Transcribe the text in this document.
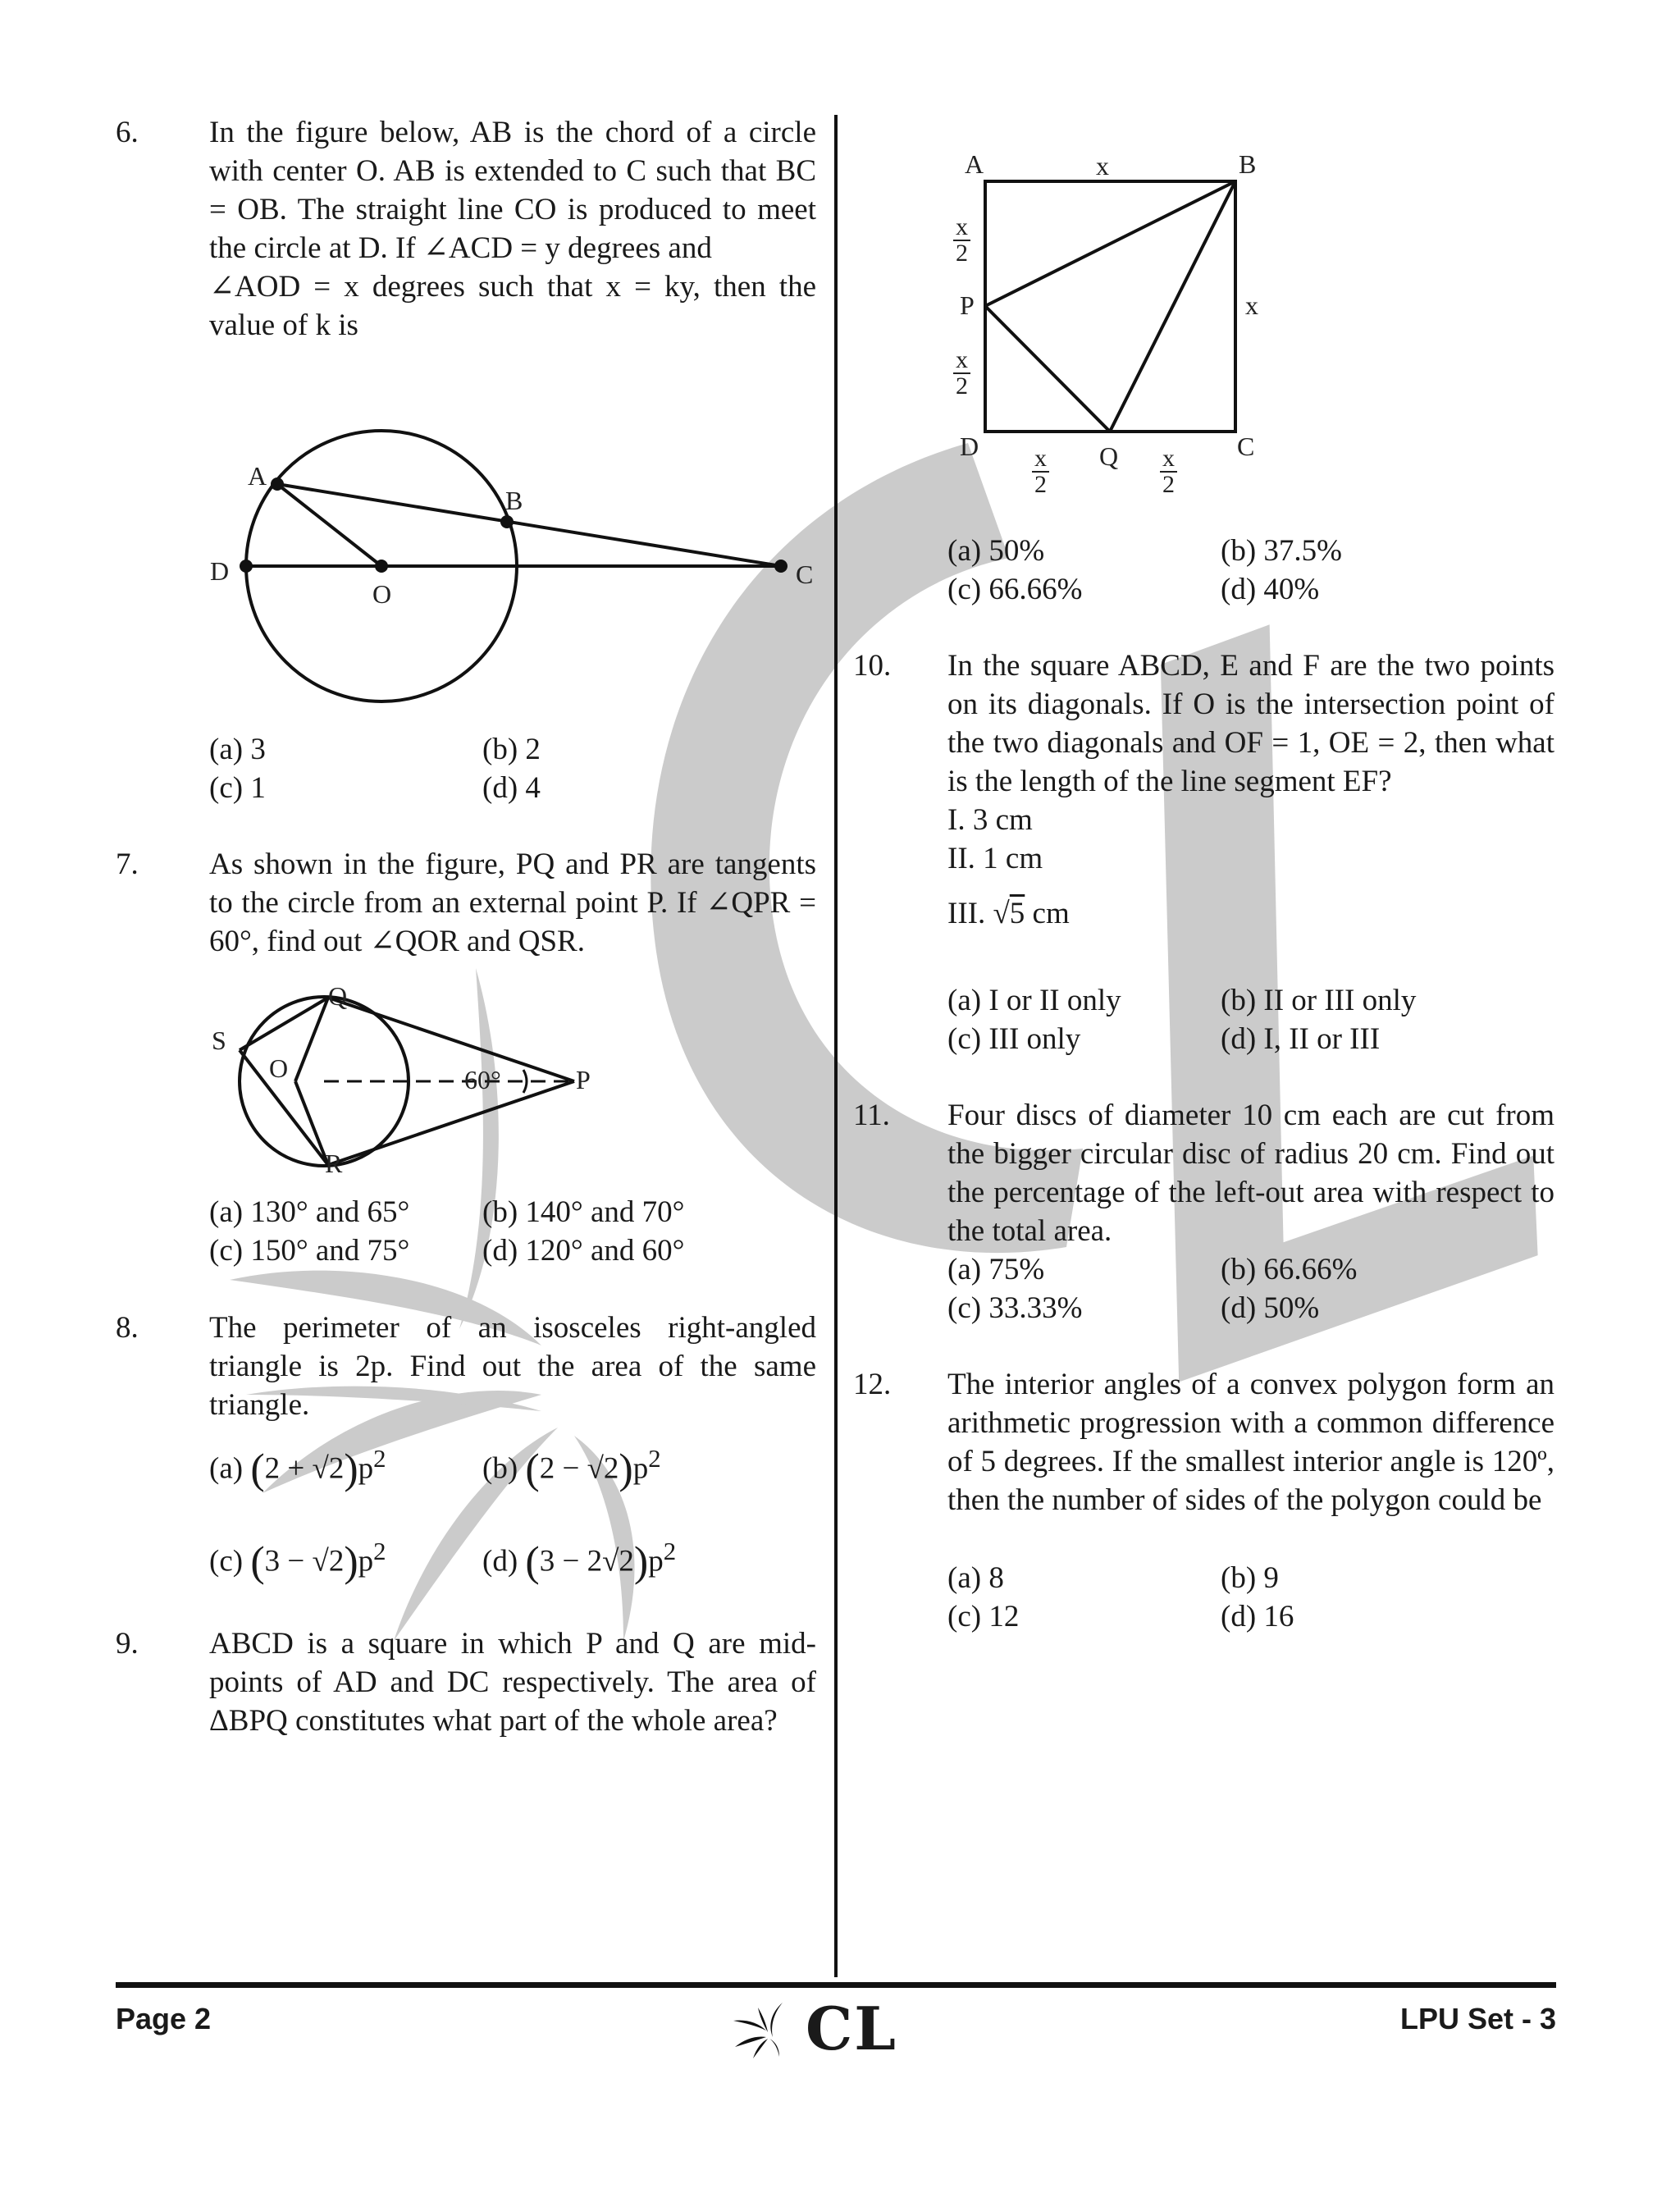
6. In the figure below, AB is the chord of a circle with center O. AB is extended to C such that BC = OB. The straight line CO is produced to meet the circle at D. If ∠ACD = y degrees and
∠AOD = x degrees such that x = ky, then the value of k is
A
B
D
O
C
(a) 3	(b) 2
(c) 1	(d) 4
7. As shown in the figure, PQ and PR are tangents to the circle from an external point P. If ∠QPR = 60°, find out ∠QOR and QSR.
S
Q
O	60°	P
R
(a) 130° and 65° (b) 140° and 70°
(c) 150° and 75° (d) 120° and 60°
8. The perimeter of an isosceles right-angled triangle is 2p. Find out the area of the same triangle.
(a) $(2 + √2)p^2$	(b) $(2 - √2)p^2$
(c) $(3 - √2)p^2$	(d) $(3 - 2√2)p^2$
9. ABCD is a square in which P and Q are mid-points of AD and DC respectively. The area of ΔBPQ constitutes what part of the whole area?
A	x	B
x
P
D	Q	C
$\frac{x}{2}$
$\frac{x}{2}$
$\frac{x}{2}$	$\frac{x}{2}$
(a) 50%	(b) 37.5%
(c) 66.66%	(d) 40%
10. In the square ABCD, E and F are the two points on its diagonals. If O is the intersection point of the two diagonals and OF = 1, OE = 2, then what is the length of the line segment EF?
I. 3 cm
II. 1 cm
III. √5 cm
(a) I or II only	(b) II or III only
(c) III only	(d) I, II or III
11. Four discs of diameter 10 cm each are cut from the bigger circular disc of radius 20 cm. Find out the percentage of the left-out area with respect to the total area.
(a) 75%	(b) 66.66%
(c) 33.33%	(d) 50%
12. The interior angles of a convex polygon form an arithmetic progression with a common difference of 5 degrees. If the smallest interior angle is 120º, then the number of sides of the polygon could be
(a) 8	(b) 9
(c) 12	(d) 16
Page 2	CL	LPU Set - 3
